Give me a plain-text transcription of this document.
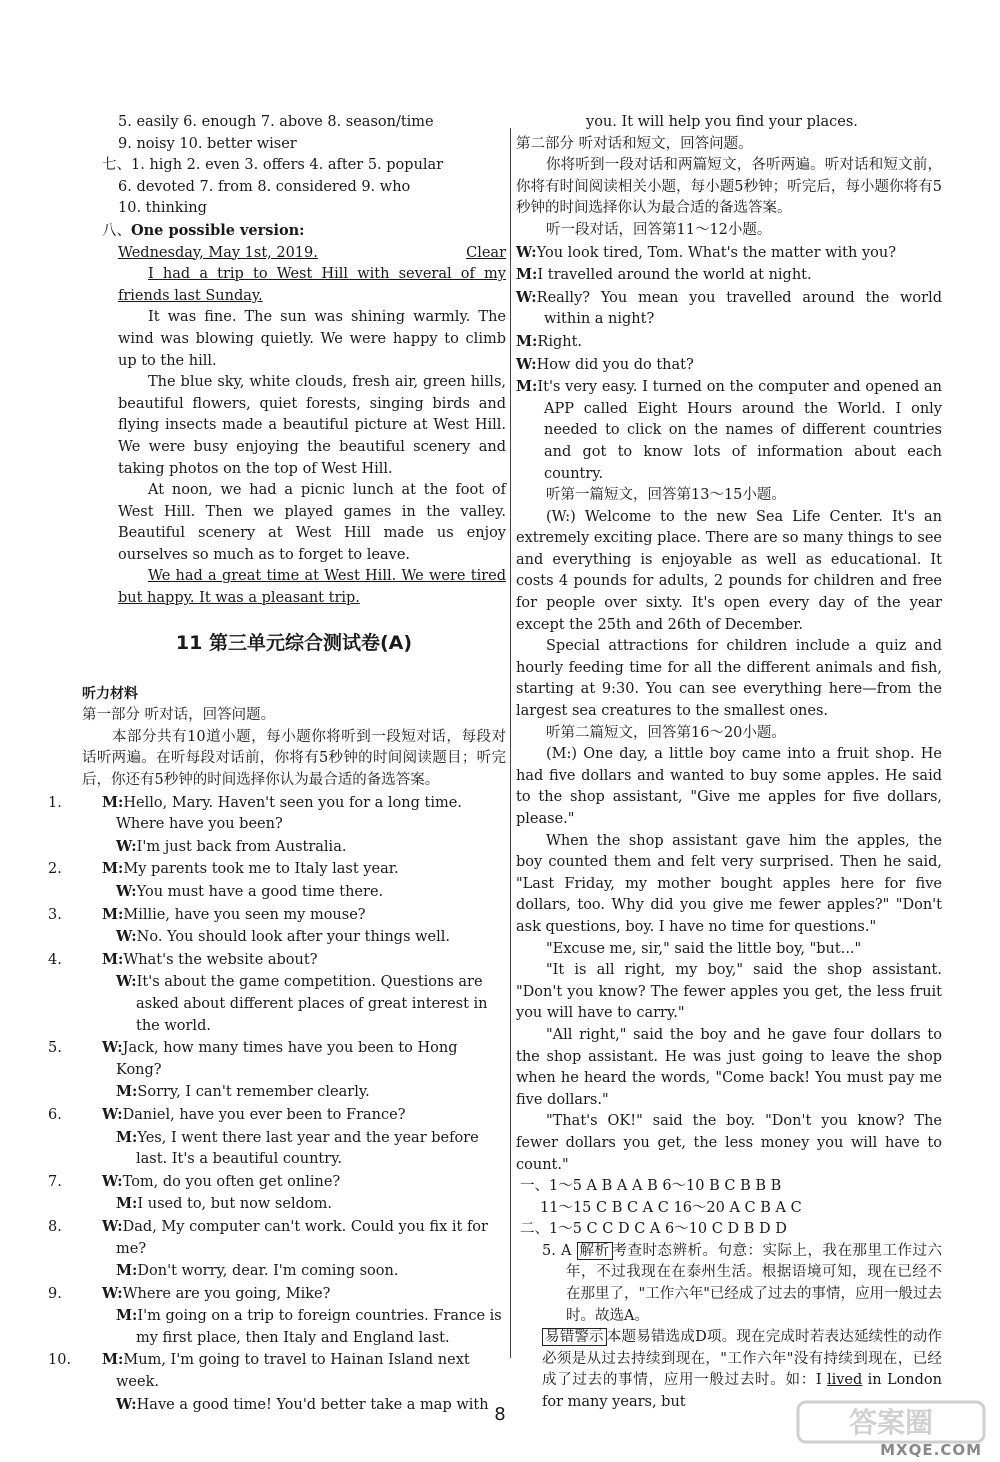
5. easily 6. enough 7. above 8. season/time
9. noisy 10. better wiser
七、1. high 2. even 3. offers 4. after 5. popular
6. devoted 7. from 8. considered 9. who
10. thinking
八、One possible version:
Wednesday, May 1st, 2019.	Clear
I had a trip to West Hill with several of my friends last Sunday.
It was fine. The sun was shining warmly. The wind was blowing quietly. We were happy to climb up to the hill.
The blue sky, white clouds, fresh air, green hills, beautiful flowers, quiet forests, singing birds and flying insects made a beautiful picture at West Hill. We were busy enjoying the beautiful scenery and taking photos on the top of West Hill.
At noon, we had a picnic lunch at the foot of West Hill. Then we played games in the valley. Beautiful scenery at West Hill made us enjoy ourselves so much as to forget to leave.
We had a great time at West Hill. We were tired but happy. It was a pleasant trip.
11 第三单元综合测试卷(A)
听力材料
第一部分 听对话，回答问题。
本部分共有10道小题，每小题你将听到一段短对话，每段对话听两遍。在听每段对话前，你将有5秒钟的时间阅读题目；听完后，你还有5秒钟的时间选择你认为最合适的备选答案。
1.	M:Hello, Mary. Haven't seen you for a long time. Where have you been?
W:I'm just back from Australia.
2.	M:My parents took me to Italy last year.
W:You must have a good time there.
3.	M:Millie, have you seen my mouse?
W:No. You should look after your things well.
4.	M:What's the website about?
W:It's about the game competition. Questions are asked about different places of great interest in the world.
5.	W:Jack, how many times have you been to Hong Kong?
M:Sorry, I can't remember clearly.
6.	W:Daniel, have you ever been to France?
M:Yes, I went there last year and the year before last. It's a beautiful country.
7.	W:Tom, do you often get online?
M:I used to, but now seldom.
8.	W:Dad, My computer can't work. Could you fix it for me?
M:Don't worry, dear. I'm coming soon.
9.	W:Where are you going, Mike?
M:I'm going on a trip to foreign countries. France is my first place, then Italy and England last.
10. M:Mum, I'm going to travel to Hainan Island next week.
W:Have a good time! You'd better take a map with
you. It will help you find your places.
第二部分 听对话和短文，回答问题。
你将听到一段对话和两篇短文，各听两遍。听对话和短文前，你将有时间阅读相关小题，每小题5秒钟；听完后，每小题你将有5秒钟的时间选择你认为最合适的备选答案。
听一段对话，回答第11～12小题。
W:You look tired, Tom. What's the matter with you?
M:I travelled around the world at night.
W:Really? You mean you travelled around the world within a night?
M:Right.
W:How did you do that?
M:It's very easy. I turned on the computer and opened an APP called Eight Hours around the World. I only needed to click on the names of different countries and got to know lots of information about each country.
听第一篇短文，回答第13～15小题。
(W:) Welcome to the new Sea Life Center. It's an extremely exciting place. There are so many things to see and everything is enjoyable as well as educational. It costs 4 pounds for adults, 2 pounds for children and free for people over sixty. It's open every day of the year except the 25th and 26th of December.
Special attractions for children include a quiz and hourly feeding time for all the different animals and fish, starting at 9:30. You can see everything here—from the largest sea creatures to the smallest ones.
听第二篇短文，回答第16～20小题。
(M:) One day, a little boy came into a fruit shop. He had five dollars and wanted to buy some apples. He said to the shop assistant, "Give me apples for five dollars, please."
When the shop assistant gave him the apples, the boy counted them and felt very surprised. Then he said, "Last Friday, my mother bought apples here for five dollars, too. Why did you give me fewer apples?" "Don't ask questions, boy. I have no time for questions."
"Excuse me, sir," said the little boy, "but..."
"It is all right, my boy," said the shop assistant. "Don't you know? The fewer apples you get, the less fruit you will have to carry."
"All right," said the boy and he gave four dollars to the shop assistant. He was just going to leave the shop when he heard the words, "Come back! You must pay me five dollars."
"That's OK!" said the boy. "Don't you know? The fewer dollars you get, the less money you will have to count."
一、1～5 A B A A B 6～10 B C B B B
11～15 C B C A C 16～20 A C B A C
二、1～5 C C D C A 6～10 C D B D D
5. A 解析 考查时态辨析。句意：实际上，我在那里工作过六年，不过我现在在泰州生活。根据语境可知，现在已经不在那里了，"工作六年"已经成了过去的事情，应用一般过去时。故选A。
易错警示 本题易错选成D项。现在完成时若表达延续性的动作必须是从过去持续到现在，"工作六年"没有持续到现在，已经成了过去的事情，应用一般过去时。如：I lived in London for many years, but
8	答案圈
MXQE.COM
